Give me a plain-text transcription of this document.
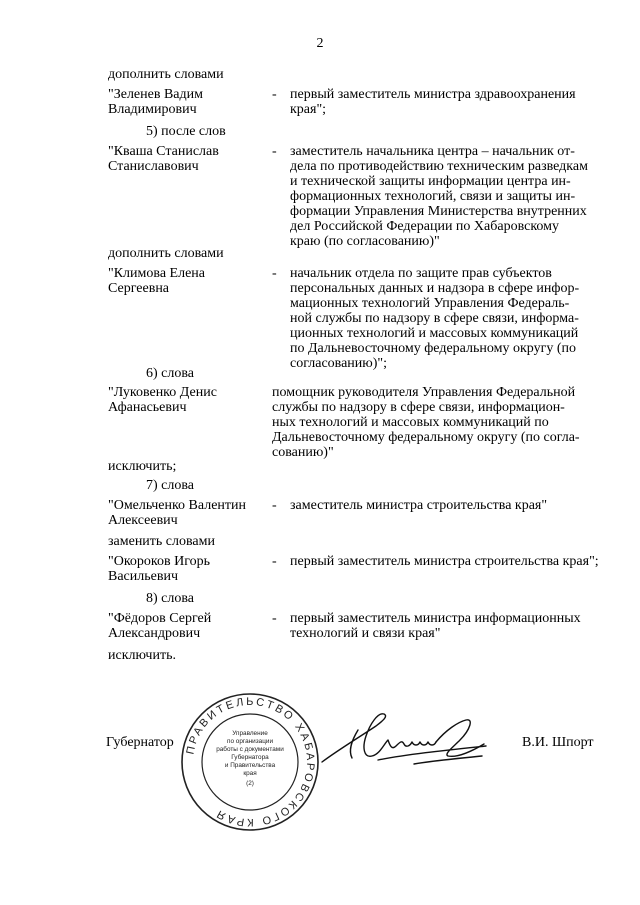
2
дополнить словами
"Зеленев Вадим
Владимирович
- первый заместитель министра здравоохранения
края";
5) после слов
"Кваша Станислав
Станиславович
- заместитель начальника центра – начальник от-
дела по противодействию техническим разведкам
и технической защиты информации центра ин-
формационных технологий, связи и защиты ин-
формации Управления Министерства внутренних
дел Российской Федерации по Хабаровскому
краю (по согласованию)"
дополнить словами
"Климова Елена
Сергеевна
- начальник отдела по защите прав субъектов
персональных данных и надзора в сфере инфор-
мационных технологий Управления Федераль-
ной службы по надзору в сфере связи, информа-
ционных технологий и массовых коммуникаций
по Дальневосточному федеральному округу (по
согласованию)";
6) слова
"Луковенко Денис
Афанасьевич
помощник руководителя Управления Федеральной
службы по надзору в сфере связи, информацион-
ных технологий и массовых коммуникаций по
Дальневосточному федеральному округу (по согла-
сованию)"
исключить;
7) слова
"Омельченко Валентин
Алексеевич
- заместитель министра строительства края"
заменить словами
"Окороков Игорь
Васильевич
- первый заместитель министра строительства края";
8) слова
"Фёдоров Сергей
Александрович
- первый заместитель министра информационных
технологий и связи края"
исключить.
Губернатор	В.И. Шпорт
ПРАВИТЕЛЬСТВО ХАБАРОВСКОГО КРАЯ
Управление
по организации
работы с документами
Губернатора
и Правительства
края
(2)
